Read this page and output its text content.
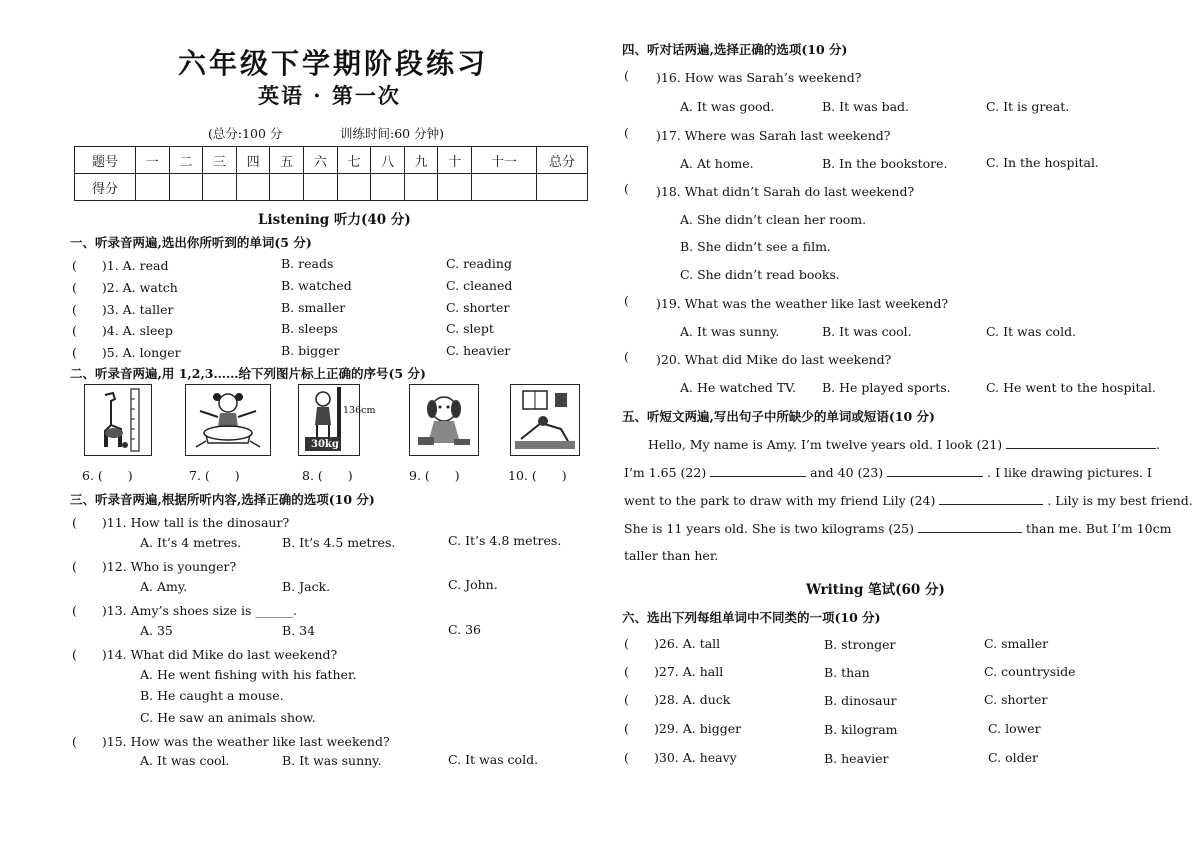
六年级下学期阶段练习
英语 · 第一次
(总分:100 分	训练时间:60 分钟)
题号	一	二	三	四	五	六	七	八	九	十	十一	总分
得分												
Listening 听力(40 分)
一、听录音两遍,选出你所听到的单词(5 分)
(　　)1. A. read	B. reads	C. reading
(　　)2. A. watch	B. watched	C. cleaned
(　　)3. A. taller	B. smaller	C. shorter
(　　)4. A. sleep	B. sleeps	C. slept
(　　)5. A. longer	B. bigger	C. heavier
二、听录音两遍,用 1,2,3……给下列图片标上正确的序号(5 分)
136cm
30kg
6. (　　)	7. (　　)	8. (　　)	9. (　　)	10. (　　)
三、听录音两遍,根据所听内容,选择正确的选项(10 分)
(　　)11. How tall is the dinosaur?
A. It’s 4 metres.	B. It’s 4.5 metres.	C. It’s 4.8 metres.
(　　)12. Who is younger?
A. Amy.	B. Jack.	C. John.
(　　)13. Amy’s shoes size is ______.
A. 35	B. 34	C. 36
(　　)14. What did Mike do last weekend?
A. He went fishing with his father.
B. He caught a mouse.
C. He saw an animals show.
(　　)15. How was the weather like last weekend?
A. It was cool.	B. It was sunny.	C. It was cold.
四、听对话两遍,选择正确的选项(10 分)
( )16. How was Sarah’s weekend?
A. It was good.	B. It was bad.	C. It is great.
( )17. Where was Sarah last weekend?
A. At home.	B. In the bookstore.	C. In the hospital.
( )18. What didn’t Sarah do last weekend?
A. She didn’t clean her room.
B. She didn’t see a film.
C. She didn’t read books.
( )19. What was the weather like last weekend?
A. It was sunny.	B. It was cool.	C. It was cold.
( )20. What did Mike do last weekend?
A. He watched TV. B. He played sports.	C. He went to the hospital.
五、听短文两遍,写出句子中所缺少的单词或短语(10 分)
Hello, My name is Amy. I’m twelve years old. I look (21)	.
I’m 1.65 (22)	and 40 (23)	. I like drawing pictures. I
went to the park to draw with my friend Lily (24)	. Lily is my best friend.
She is 11 years old. She is two kilograms (25)	than me. But I’m 10cm
taller than her.
Writing 笔试(60 分)
六、选出下列每组单词中不同类的一项(10 分)
( )26. A. tall	B. stronger	C. smaller
( )27. A. hall	B. than	C. countryside
( )28. A. duck	B. dinosaur	C. shorter
( )29. A. bigger	B. kilogram	C. lower
( )30. A. heavy	B. heavier	C. older
